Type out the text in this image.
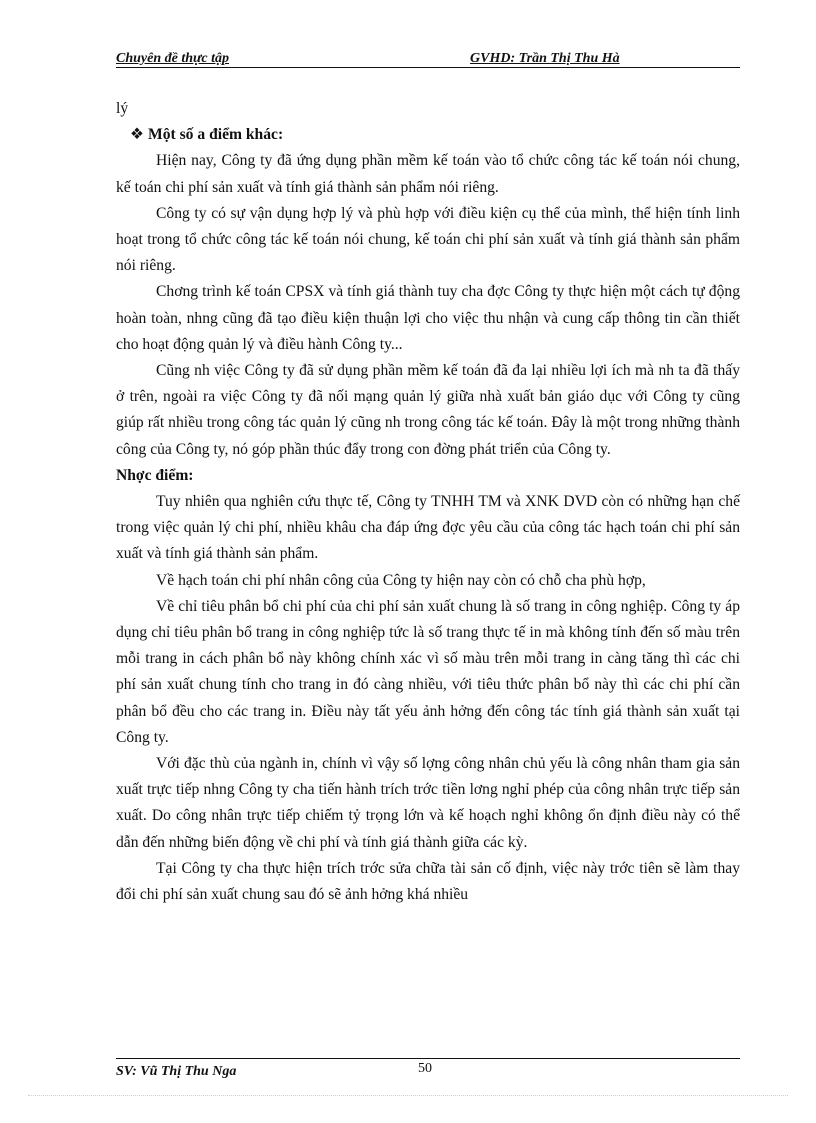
Chuyên đề thực tập	GVHD: Trần Thị Thu Hà

lý

❖ Một số a điểm khác:

Hiện nay, Công ty đã ứng dụng phần mềm kế toán vào tổ chức công tác kế toán nói chung, kế toán chi phí sản xuất và tính giá thành sản phẩm nói riêng.

Công ty có sự vận dụng hợp lý và phù hợp với điều kiện cụ thể của mình, thể hiện tính linh hoạt trong tổ chức công tác kế toán nói chung, kế toán chi phí sản xuất và tính giá thành sản phẩm nói riêng.

Chơng trình kế toán CPSX và tính giá thành tuy cha đợc Công ty thực hiện một cách tự động hoàn toàn, nhng cũng đã tạo điều kiện thuận lợi cho việc thu nhận và cung cấp thông tin cần thiết cho hoạt động quản lý và điều hành Công ty...

Cũng nh việc Công ty đã sử dụng phần mềm kế toán đã đa lại nhiều lợi ích mà nh ta đã thấy ở trên, ngoài ra việc Công ty đã nối mạng quản lý giữa nhà xuất bản giáo dục với Công ty cũng giúp rất nhiều trong công tác quản lý cũng nh trong công tác kế toán. Đây là một trong những thành công của Công ty, nó góp phần thúc đẩy trong con đờng phát triển của Công ty.

Nhợc điểm:

Tuy nhiên qua nghiên cứu thực tế, Công ty TNHH TM và XNK DVD còn có những hạn chế trong việc quản lý chi phí, nhiều khâu cha đáp ứng đợc yêu cầu của công tác hạch toán chi phí sản xuất và tính giá thành sản phẩm.

Về hạch toán chi phí nhân công của Công ty hiện nay còn có chỗ cha phù hợp,

Về chỉ tiêu phân bổ chi phí của chi phí sản xuất chung là số trang in công nghiệp. Công ty áp dụng chỉ tiêu phân bổ trang in công nghiệp tức là số trang thực tế in mà không tính đến số màu trên mỗi trang in cách phân bổ này không chính xác vì số màu trên mỗi trang in càng tăng thì các chi phí sản xuất chung tính cho trang in đó càng nhiều, với tiêu thức phân bổ này thì các chi phí cần phân bổ đều cho các trang in. Điều này tất yếu ảnh hởng đến công tác tính giá thành sản xuất tại Công ty.

Với đặc thù của ngành in, chính vì vậy số lợng công nhân chủ yếu là công nhân tham gia sản xuất trực tiếp nhng Công ty cha tiến hành trích trớc tiền lơng nghỉ phép của công nhân trực tiếp sản xuất. Do công nhân trực tiếp chiếm tỷ trọng lớn và kế hoạch nghỉ không ổn định điều này có thể dẫn đến những biến động về chi phí và tính giá thành giữa các kỳ.

Tại Công ty cha thực hiện trích trớc sửa chữa tài sản cố định, việc này trớc tiên sẽ làm thay đổi chi phí sản xuất chung sau đó sẽ ảnh hởng khá nhiều

SV: Vũ Thị Thu Nga	50
